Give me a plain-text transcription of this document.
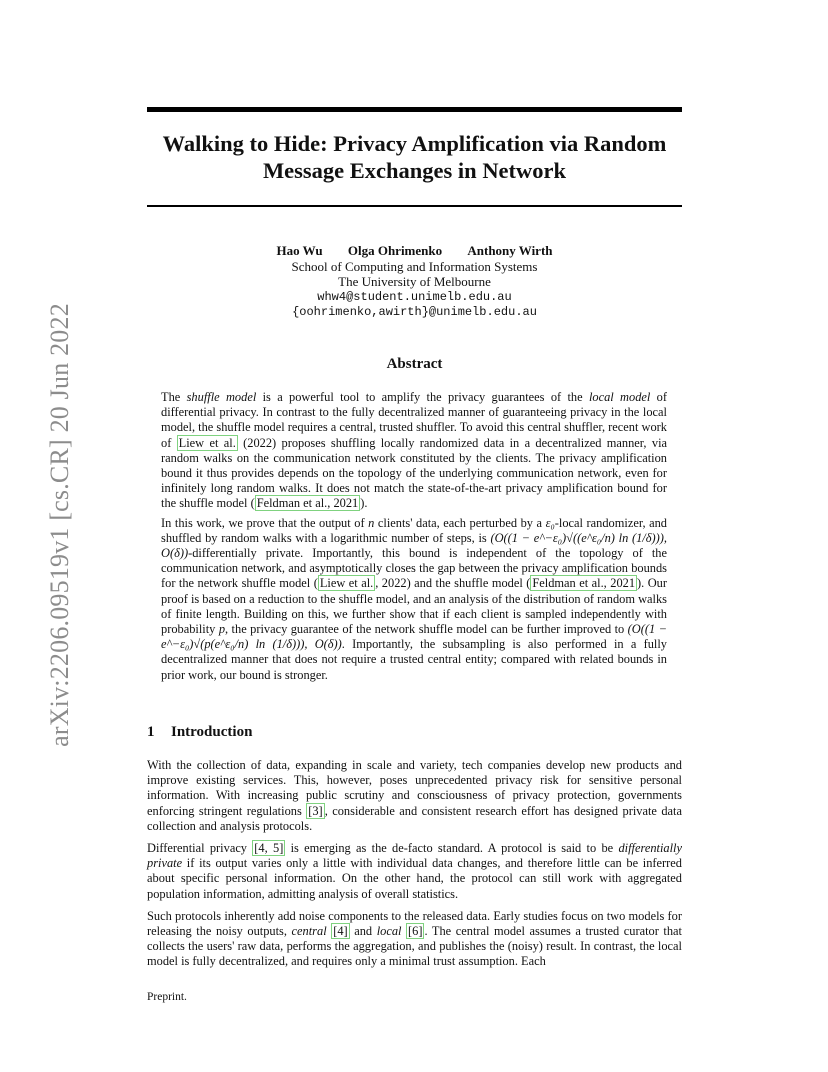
arXiv:2206.09519v1 [cs.CR] 20 Jun 2022
Walking to Hide: Privacy Amplification via Random
Message Exchanges in Network
Hao Wu Olga Ohrimenko Anthony Wirth
School of Computing and Information Systems
The University of Melbourne
whw4@student.unimelb.edu.au
{oohrimenko,awirth}@unimelb.edu.au
Abstract

The shuffle model is a powerful tool to amplify the privacy guarantees of the local model of differential privacy. In contrast to the fully decentralized manner of guaranteeing privacy in the local model, the shuffle model requires a central, trusted shuffler. To avoid this central shuffler, recent work of Liew et al. (2022) proposes shuffling locally randomized data in a decentralized manner, via random walks on the communication network constituted by the clients. The privacy amplification bound it thus provides depends on the topology of the underlying communication network, even for infinitely long random walks. It does not match the state-of-the-art privacy amplification bound for the shuffle model ( Feldman et al., 2021 ).

In this work, we prove that the output of n clients' data, each perturbed by a ε₀-local randomizer, and shuffled by random walks with a logarithmic number of steps, is (O((1 − e^−ε₀)√((e^ε₀/n) ln (1/δ))), O(δ))-differentially private. Importantly, this bound is independent of the topology of the communication network, and asymptotically closes the gap between the privacy amplification bounds for the network shuffle model ( Liew et al. , 2022) and the shuffle model ( Feldman et al., 2021 ). Our proof is based on a reduction to the shuffle model, and an analysis of the distribution of random walks of finite length. Building on this, we further show that if each client is sampled independently with probability p, the privacy guarantee of the network shuffle model can be further improved to (O((1 − e^−ε₀)√(p(e^ε₀/n) ln (1/δ))), O(δ)). Importantly, the subsampling is also performed in a fully decentralized manner that does not require a trusted central entity; compared with related bounds in prior work, our bound is stronger.

1 Introduction

With the collection of data, expanding in scale and variety, tech companies develop new products and improve existing services. This, however, poses unprecedented privacy risk for sensitive personal information. With increasing public scrutiny and consciousness of privacy protection, governments enforcing stringent regulations [3] , considerable and consistent research effort has designed private data collection and analysis protocols.

Differential privacy [4, 5] is emerging as the de-facto standard. A protocol is said to be differentially private if its output varies only a little with individual data changes, and therefore little can be inferred about specific personal information. On the other hand, the protocol can still work with aggregated population information, admitting analysis of overall statistics.

Such protocols inherently add noise components to the released data. Early studies focus on two models for releasing the noisy outputs, central [4] and local [6] . The central model assumes a trusted curator that collects the users' raw data, performs the aggregation, and publishes the (noisy) result. In contrast, the local model is fully decentralized, and requires only a minimal trust assumption. Each

Preprint.
